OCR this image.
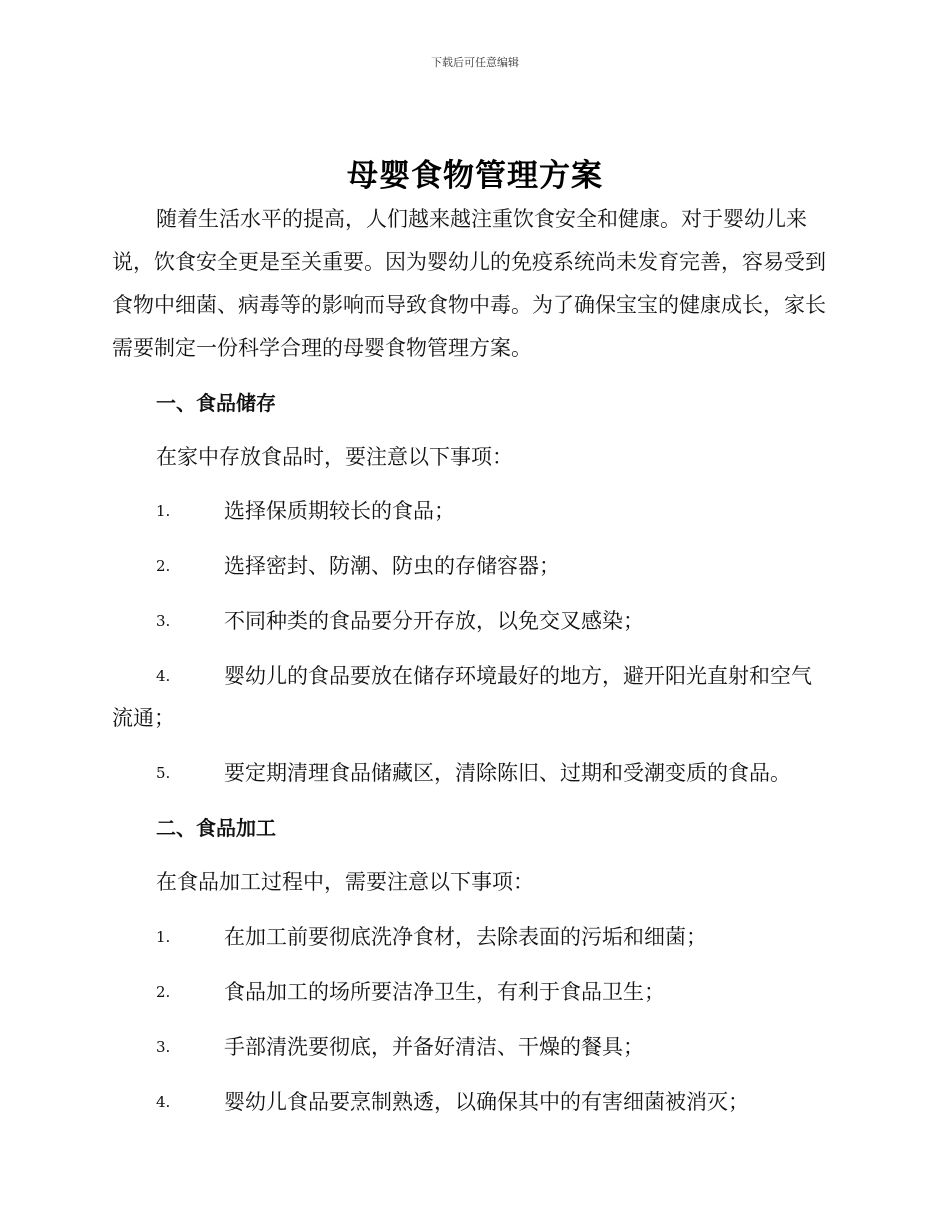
下载后可任意编辑
母婴食物管理方案

随着生活水平的提高，人们越来越注重饮食安全和健康。对于婴幼儿来说，饮食安全更是至关重要。因为婴幼儿的免疫系统尚未发育完善，容易受到食物中细菌、病毒等的影响而导致食物中毒。为了确保宝宝的健康成长，家长需要制定一份科学合理的母婴食物管理方案。

一、食品储存
在家中存放食品时，要注意以下事项：
1.	选择保质期较长的食品；
2.	选择密封、防潮、防虫的存储容器；
3.	不同种类的食品要分开存放，以免交叉感染；
4.	婴幼儿的食品要放在储存环境最好的地方，避开阳光直射和空气
流通；
5.	要定期清理食品储藏区，清除陈旧、过期和受潮变质的食品。
二、食品加工
在食品加工过程中，需要注意以下事项：
1.	在加工前要彻底洗净食材，去除表面的污垢和细菌；
2.	食品加工的场所要洁净卫生，有利于食品卫生；
3.	手部清洗要彻底，并备好清洁、干燥的餐具；
4.	婴幼儿食品要烹制熟透，以确保其中的有害细菌被消灭；
